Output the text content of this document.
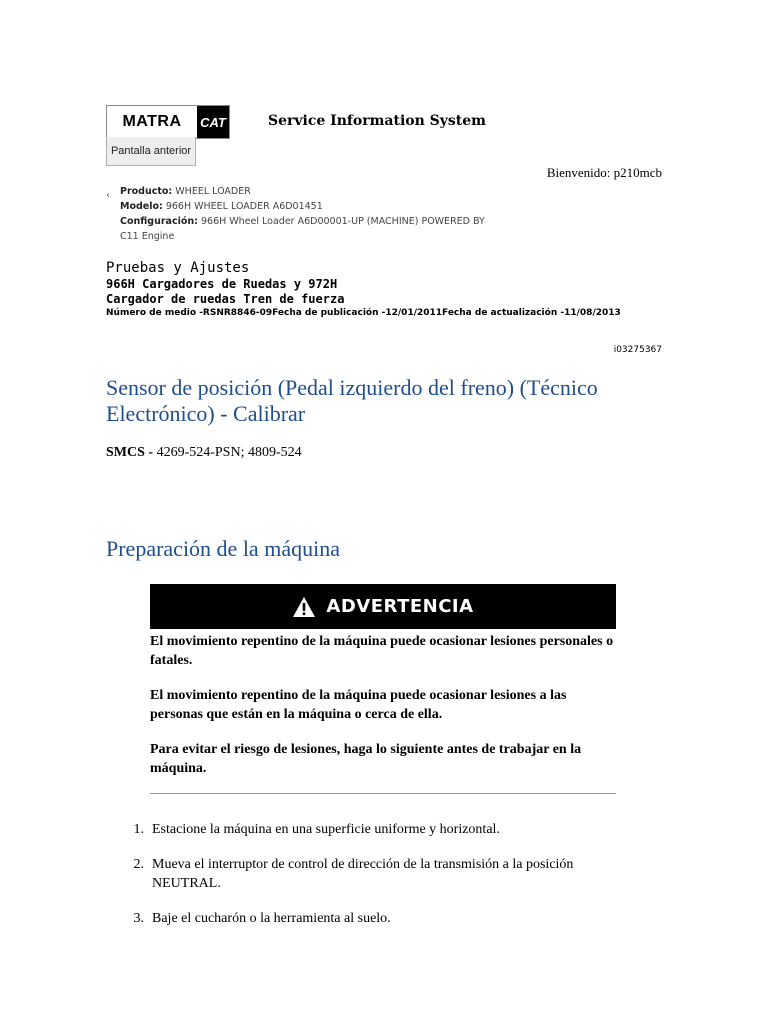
MATRA	CAT	Service Information System
Pantalla anterior
Bienvenido: p210mcb
‹ Producto: WHEEL LOADER
Modelo: 966H WHEEL LOADER A6D01451
Configuración: 966H Wheel Loader A6D00001-UP (MACHINE) POWERED BY C11 Engine
Pruebas y Ajustes
966H Cargadores de Ruedas y 972H
Cargador de ruedas Tren de fuerza
Número de medio -RSNR8846-09Fecha de publicación -12/01/2011Fecha de actualización -11/08/2013
i03275367
Sensor de posición (Pedal izquierdo del freno) (Técnico Electrónico) - Calibrar
SMCS - 4269-524-PSN; 4809-524
Preparación de la máquina
ADVERTENCIA

El movimiento repentino de la máquina puede ocasionar lesiones personales o fatales.

El movimiento repentino de la máquina puede ocasionar lesiones a las personas que están en la máquina o cerca de ella.

Para evitar el riesgo de lesiones, haga lo siguiente antes de trabajar en la máquina.

1. Estacione la máquina en una superficie uniforme y horizontal.
2. Mueva el interruptor de control de dirección de la transmisión a la posición NEUTRAL.
3. Baje el cucharón o la herramienta al suelo.
